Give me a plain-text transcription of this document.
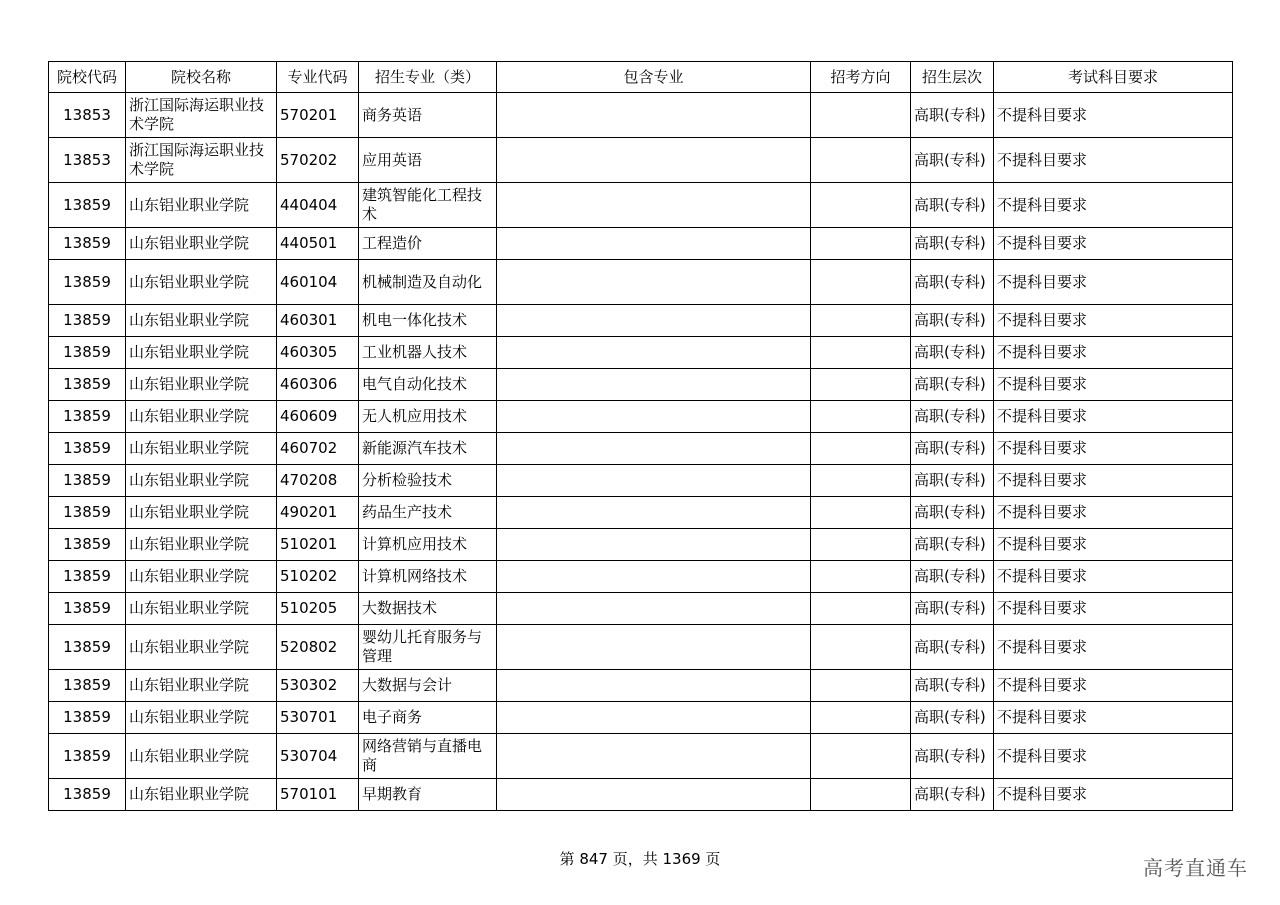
院校代码	院校名称	专业代码	招生专业（类）	包含专业	招考方向	招生层次	考试科目要求
13853	浙江国际海运职业技术学院	570201	商务英语			高职(专科)	不提科目要求
13853	浙江国际海运职业技术学院	570202	应用英语			高职(专科)	不提科目要求
13859	山东铝业职业学院	440404	建筑智能化工程技术			高职(专科)	不提科目要求
13859	山东铝业职业学院	440501	工程造价			高职(专科)	不提科目要求
13859	山东铝业职业学院	460104	机械制造及自动化			高职(专科)	不提科目要求
13859	山东铝业职业学院	460301	机电一体化技术			高职(专科)	不提科目要求
13859	山东铝业职业学院	460305	工业机器人技术			高职(专科)	不提科目要求
13859	山东铝业职业学院	460306	电气自动化技术			高职(专科)	不提科目要求
13859	山东铝业职业学院	460609	无人机应用技术			高职(专科)	不提科目要求
13859	山东铝业职业学院	460702	新能源汽车技术			高职(专科)	不提科目要求
13859	山东铝业职业学院	470208	分析检验技术			高职(专科)	不提科目要求
13859	山东铝业职业学院	490201	药品生产技术			高职(专科)	不提科目要求
13859	山东铝业职业学院	510201	计算机应用技术			高职(专科)	不提科目要求
13859	山东铝业职业学院	510202	计算机网络技术			高职(专科)	不提科目要求
13859	山东铝业职业学院	510205	大数据技术			高职(专科)	不提科目要求
13859	山东铝业职业学院	520802	婴幼儿托育服务与管理			高职(专科)	不提科目要求
13859	山东铝业职业学院	530302	大数据与会计			高职(专科)	不提科目要求
13859	山东铝业职业学院	530701	电子商务			高职(专科)	不提科目要求
13859	山东铝业职业学院	530704	网络营销与直播电商			高职(专科)	不提科目要求
13859	山东铝业职业学院	570101	早期教育			高职(专科)	不提科目要求
第 847 页，共 1369 页	高考直通车
